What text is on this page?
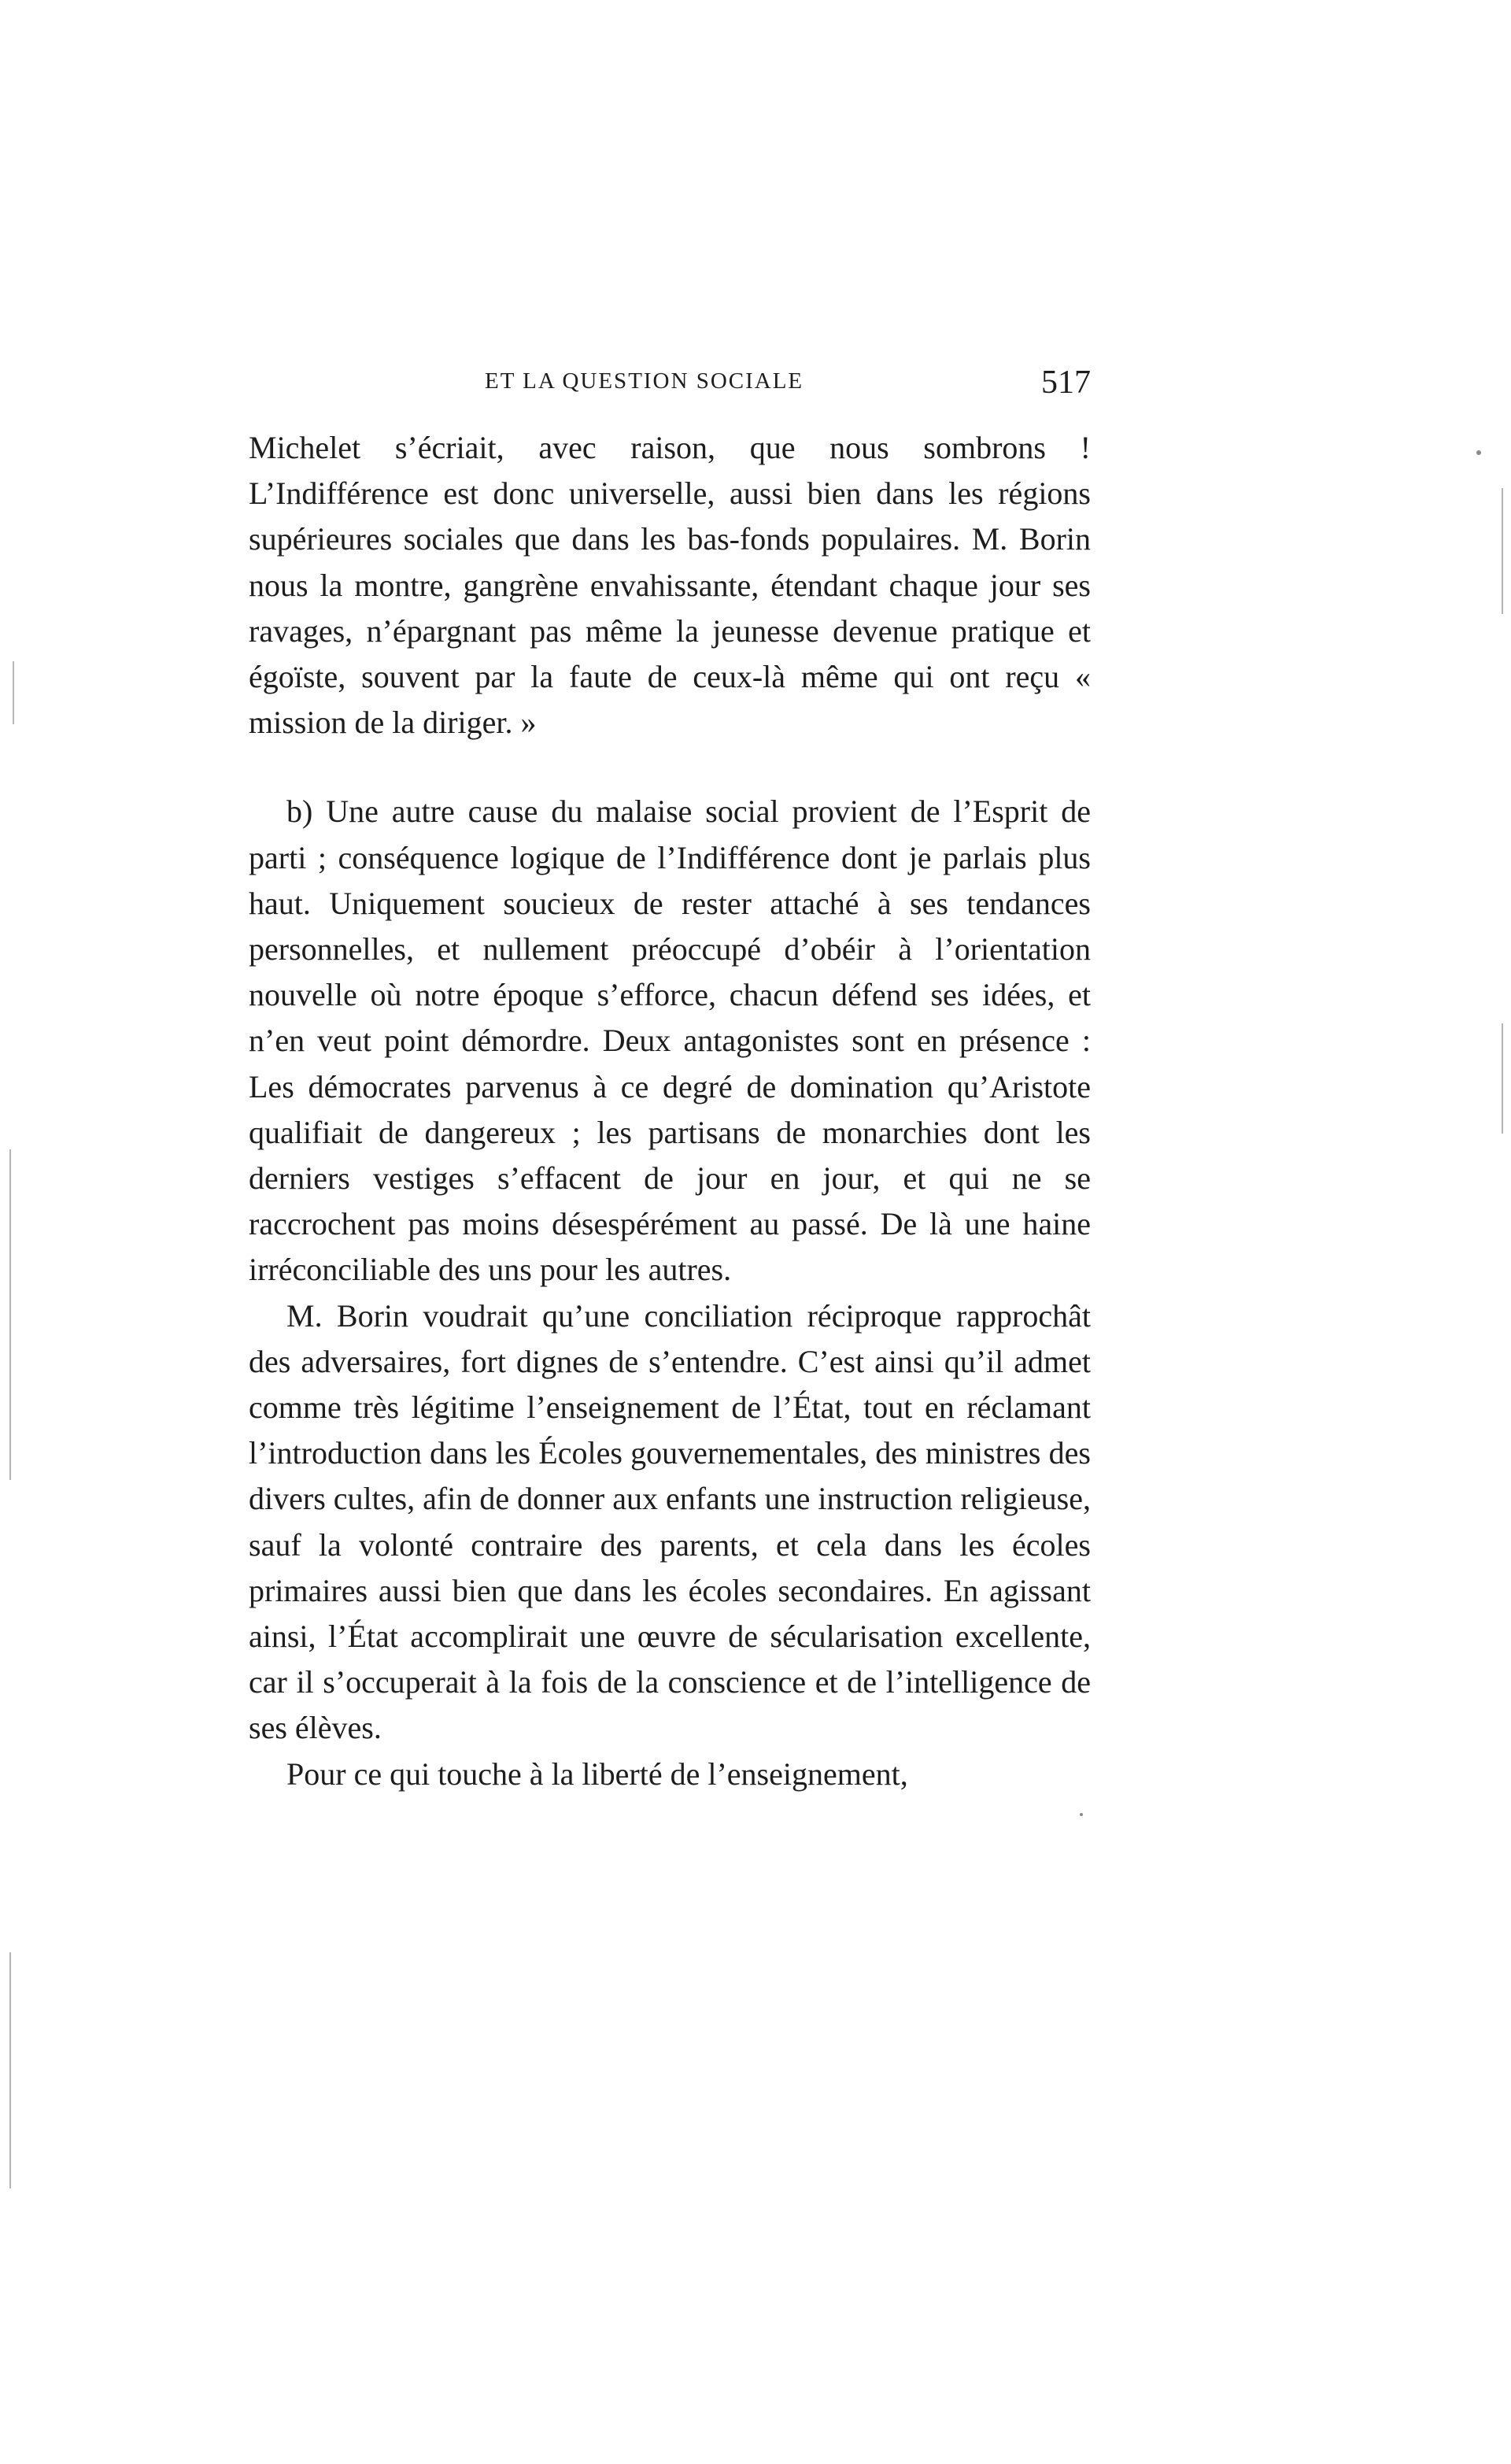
ET LA QUESTION SOCIALE	517

Michelet s’écriait, avec raison, que nous sombrons ! L’Indifférence est donc universelle, aussi bien dans les régions supérieures sociales que dans les bas-fonds populaires. M. Borin nous la montre, gangrène envahissante, étendant chaque jour ses ravages, n’épargnant pas même la jeunesse devenue pratique et égoïste, souvent par la faute de ceux-là même qui ont reçu « mission de la diriger. »

b) Une autre cause du malaise social provient de l’Esprit de parti ; conséquence logique de l’Indifférence dont je parlais plus haut. Uniquement soucieux de rester attaché à ses tendances personnelles, et nullement préoccupé d’obéir à l’orientation nouvelle où notre époque s’efforce, chacun défend ses idées, et n’en veut point démordre. Deux antagonistes sont en présence : Les démocrates parvenus à ce degré de domination qu’Aristote qualifiait de dangereux ; les partisans de monarchies dont les derniers vestiges s’effacent de jour en jour, et qui ne se raccrochent pas moins désespérément au passé. De là une haine irréconciliable des uns pour les autres.

M. Borin voudrait qu’une conciliation réciproque rapprochât des adversaires, fort dignes de s’entendre. C’est ainsi qu’il admet comme très légitime l’enseignement de l’État, tout en réclamant l’introduction dans les Écoles gouvernementales, des ministres des divers cultes, afin de donner aux enfants une instruction religieuse, sauf la volonté contraire des parents, et cela dans les écoles primaires aussi bien que dans les écoles secondaires. En agissant ainsi, l’État accomplirait une œuvre de sécularisation excellente, car il s’occuperait à la fois de la conscience et de l’intelligence de ses élèves.

Pour ce qui touche à la liberté de l’enseignement,
